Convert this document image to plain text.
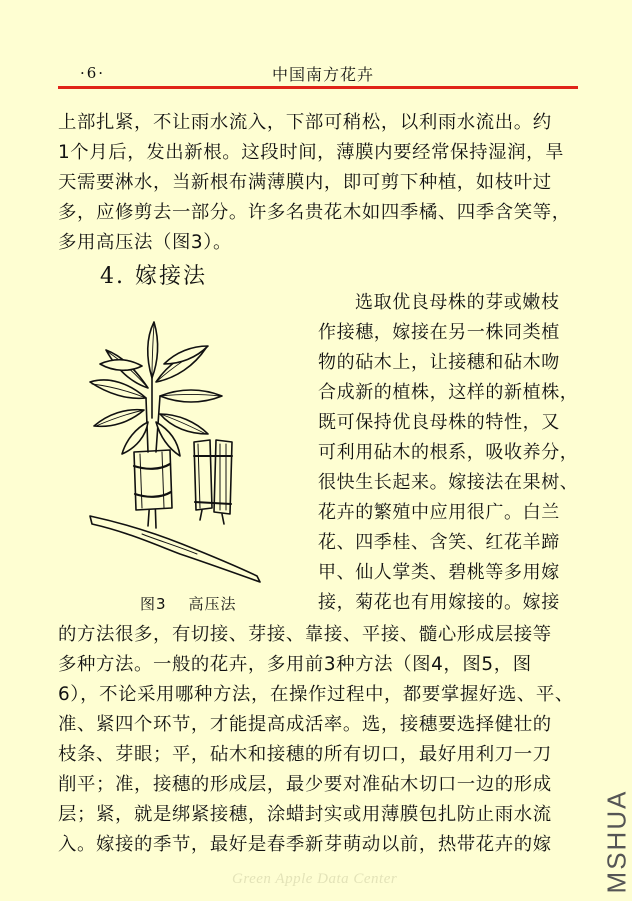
·6·	中国南方花卉
上部扎紧，不让雨水流入，下部可稍松，以利雨水流出。约
1个月后，发出新根。这段时间，薄膜内要经常保持湿润，旱
天需要淋水，当新根布满薄膜内，即可剪下种植，如枝叶过
多，应修剪去一部分。许多名贵花木如四季橘、四季含笑等，
多用高压法（图3）。
4. 嫁接法
选取优良母株的芽或嫩枝
作接穗，嫁接在另一株同类植
物的砧木上，让接穗和砧木吻
合成新的植株，这样的新植株，
既可保持优良母株的特性，又
可利用砧木的根系，吸收养分，
很快生长起来。嫁接法在果树、
花卉的繁殖中应用很广。白兰
花、四季桂、含笑、红花羊蹄
甲、仙人掌类、碧桃等多用嫁
接，菊花也有用嫁接的。嫁接
图3 高压法
的方法很多，有切接、芽接、靠接、平接、髓心形成层接等
多种方法。一般的花卉，多用前3种方法（图4，图5，图
6），不论采用哪种方法，在操作过程中，都要掌握好选、平、
准、紧四个环节，才能提高成活率。选，接穗要选择健壮的
枝条、芽眼；平，砧木和接穗的所有切口，最好用利刀一刀
削平；准，接穗的形成层，最少要对准砧木切口一边的形成
层；紧，就是绑紧接穗，涂蜡封实或用薄膜包扎防止雨水流
入。嫁接的季节，最好是春季新芽萌动以前，热带花卉的嫁	MSHUA
Green Apple Data Center
